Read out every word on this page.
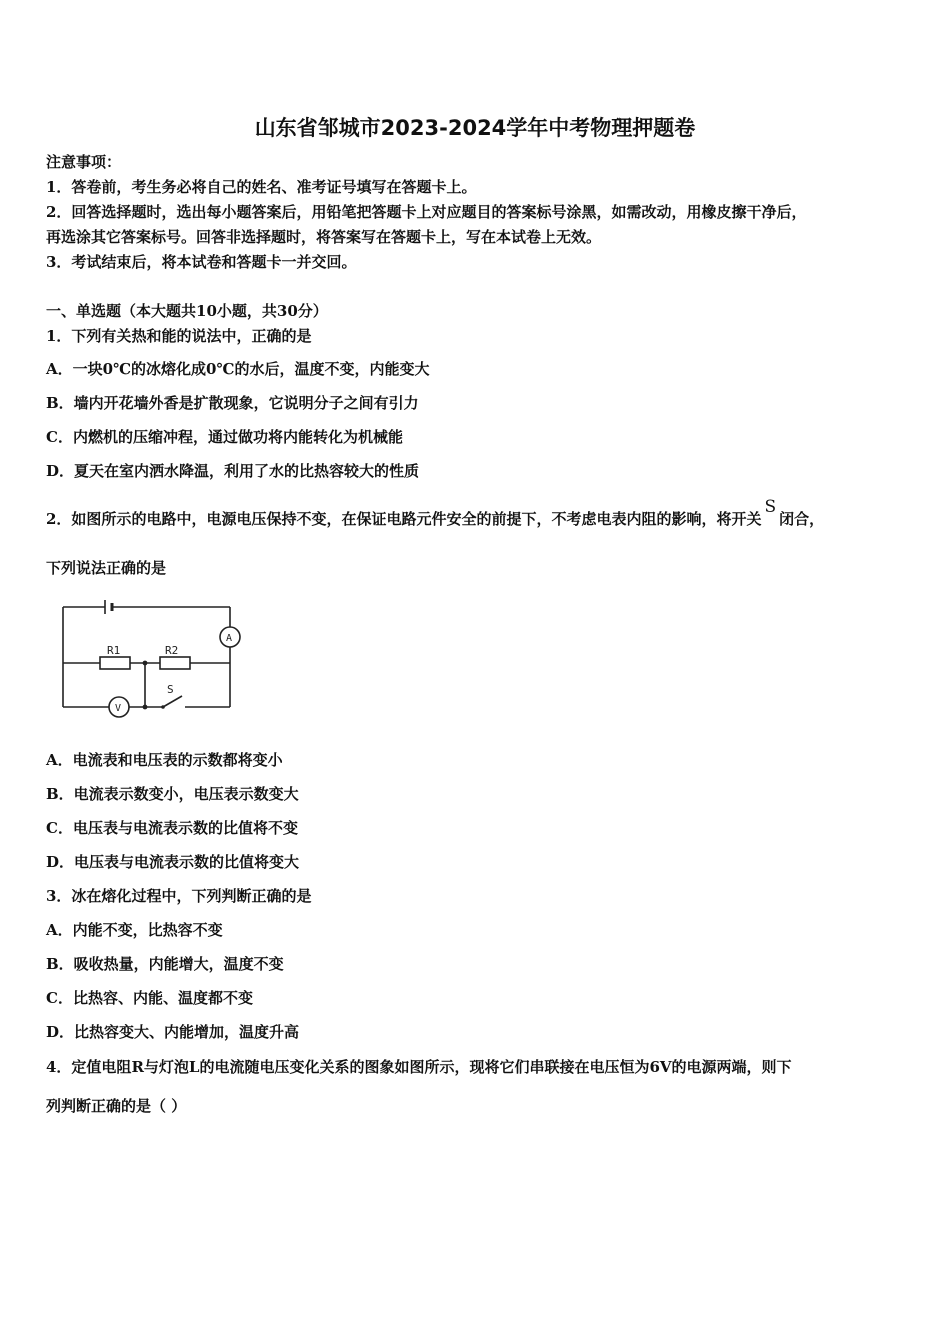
山东省邹城市2023-2024学年中考物理押题卷
注意事项：
1．答卷前，考生务必将自己的姓名、准考证号填写在答题卡上。
2．回答选择题时，选出每小题答案后，用铅笔把答题卡上对应题目的答案标号涂黑，如需改动，用橡皮擦干净后，
再选涂其它答案标号。回答非选择题时，将答案写在答题卡上，写在本试卷上无效。
3．考试结束后，将本试卷和答题卡一并交回。
一、单选题（本大题共10小题，共30分）
1．下列有关热和能的说法中，正确的是
A．一块0℃的冰熔化成0℃的水后，温度不变，内能变大
B．墙内开花墙外香是扩散现象，它说明分子之间有引力
C．内燃机的压缩冲程，通过做功将内能转化为机械能
D．夏天在室内洒水降温，利用了水的比热容较大的性质
2．如图所示的电路中，电源电压保持不变，在保证电路元件安全的前提下，不考虑电表内阻的影响，将开关S闭合，
下列说法正确的是
R1	R2
A
V
S
A．电流表和电压表的示数都将变小
B．电流表示数变小，电压表示数变大
C．电压表与电流表示数的比值将不变
D．电压表与电流表示数的比值将变大
3．冰在熔化过程中，下列判断正确的是
A．内能不变，比热容不变
B．吸收热量，内能增大，温度不变
C．比热容、内能、温度都不变
D．比热容变大、内能增加，温度升高
4．定值电阻R与灯泡L的电流随电压变化关系的图象如图所示，现将它们串联接在电压恒为6V的电源两端，则下
列判断正确的是（ ）
